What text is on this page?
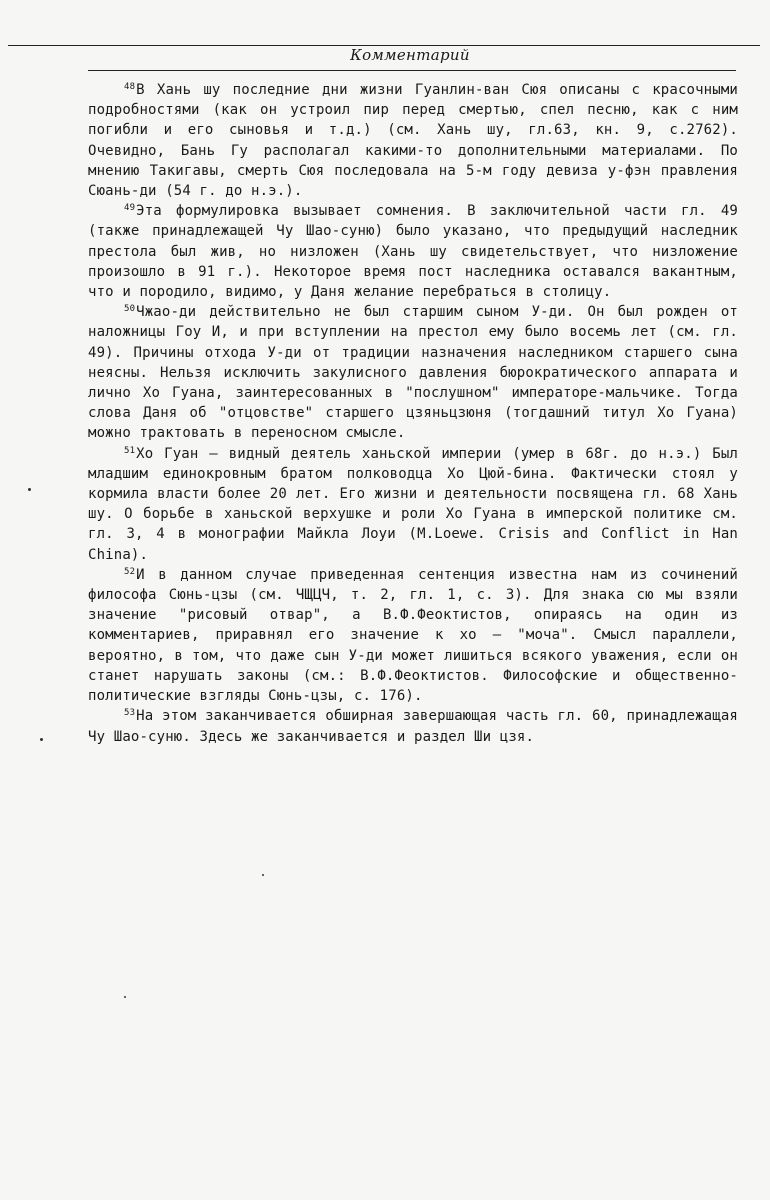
Комментарий

$^{48}$В Хань шу последние дни жизни Гуанлин-ван Сюя описаны с красочными подробностями (как он устроил пир перед смертью, спел песню, как с ним погибли и его сыновья и т.д.) (см. Хань шу, гл.63, кн. 9, с.2762). Очевидно, Бань Гу располагал какими-то дополнительными материалами. По мнению Такигавы, смерть Сюя последовала на 5-м году девиза у-фэн правления Сюань-ди (54 г. до н.э.).

$^{49}$Эта формулировка вызывает сомнения. В заключительной части гл. 49 (также принадлежащей Чу Шао-суню) было указано, что предыдущий наследник престола был жив, но низложен (Хань шу свидетельствует, что низложение произошло в 91 г.). Некоторое время пост наследника оставался вакантным, что и породило, видимо, у Даня желание перебраться в столицу.

$^{50}$Чжао-ди действительно не был старшим сыном У-ди. Он был рожден от наложницы Гоу И, и при вступлении на престол ему было восемь лет (см. гл. 49). Причины отхода У-ди от традиции назначения наследником старшего сына неясны. Нельзя исключить закулисного давления бюрократического аппарата и лично Хо Гуана, заинтересованных в "послушном" императоре-мальчике. Тогда слова Даня об "отцовстве" старшего цзяньцзюня (тогдашний титул Хо Гуана) можно трактовать в переносном смысле.

$^{51}$Хо Гуан — видный деятель ханьской империи (умер в 68г. до н.э.) Был младшим единокровным братом полководца Хо Цюй-бина. Фактически стоял у кормила власти более 20 лет. Его жизни и деятельности посвящена гл. 68 Хань шу. О борьбе в ханьской верхушке и роли Хо Гуана в имперской политике см. гл. 3, 4 в монографии Майкла Лоуи (M.Loewe. Crisis and Conflict in Han China).

$^{52}$И в данном случае приведенная сентенция известна нам из сочинений философа Сюнь-цзы (см. ЧЩЦЧ, т. 2, гл. 1, с. 3). Для знака сю мы взяли значение "рисовый отвар", а В.Ф.Феоктистов, опираясь на один из комментариев, приравнял его значение к хо — "моча". Смысл параллели, вероятно, в том, что даже сын У-ди может лишиться всякого уважения, если он станет нарушать законы (см.: В.Ф.Феоктистов. Философские и общественно-политические взгляды Сюнь-цзы, с. 176).

$^{53}$На этом заканчивается обширная завершающая часть гл. 60, принадлежащая Чу Шао-суню. Здесь же заканчивается и раздел Ши цзя.
